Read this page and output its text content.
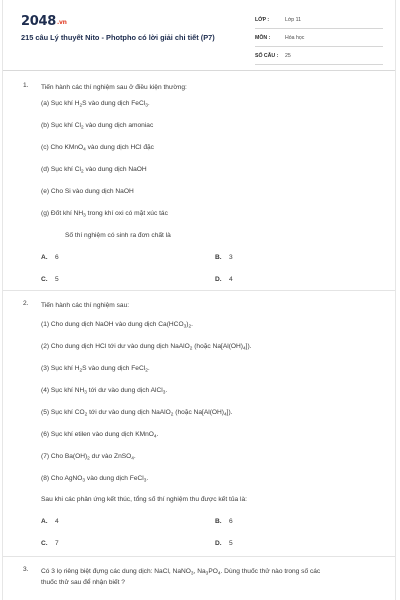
2048.vn
215 câu Lý thuyết Nito - Photpho có lời giải chi tiết (P7)
LỚP :	Lớp 11
MÔN :	Hóa học
SỐ CÂU : 25
1. Tiến hành các thí nghiệm sau ở điều kiện thường:
(a) Sục khí $H_2S$ vào dung dịch FeCl$_3$.
(b) Sục khí $Cl_2$ vào dung dịch amoniac
(c) Cho KMnO$_4$ vào dung dịch HCl đặc
(d) Sục khí $Cl_2$ vào dung dịch NaOH
(e) Cho Si vào dung dịch NaOH
(g) Đốt khí $NH_3$ trong khí oxi có mặt xúc tác
Số thí nghiệm có sinh ra đơn chất là
A. 6	B. 3
C. 5	D. 4
2. Tiến hành các thí nghiệm sau:
(1) Cho dung dịch NaOH vào dung dịch $Ca(HCO_3)_2$.
(2) Cho dung dịch HCl tới dư vào dung dịch NaAlO$_2$ (hoặc $Na[Al(OH)_4]$).
(3) Sục khí $H_2S$ vào dung dịch FeCl$_2$.
(4) Sục khí $NH_3$ tới dư vào dung dịch AlCl$_3$.
(5) Sục khí $CO_2$ tới dư vào dung dịch NaAlO$_2$ (hoặc $Na[Al(OH)_4]$).
(6) Sục khí etilen vào dung dịch KMnO$_4$.
(7) Cho $Ba(OH)_2$ dư vào ZnSO$_4$.
(8) Cho AgNO$_3$ vào dung dịch FeCl$_3$.
Sau khi các phản ứng kết thúc, tổng số thí nghiệm thu được kết tủa là:
A. 4	B. 6
C. 7	D. 5
3. Có 3 lọ riêng biệt đựng các dung dịch: NaCl, NaNO$_3$, $Na_3PO_4$. Dùng thuốc thử nào trong số các
thuốc thử sau để nhận biết ?
